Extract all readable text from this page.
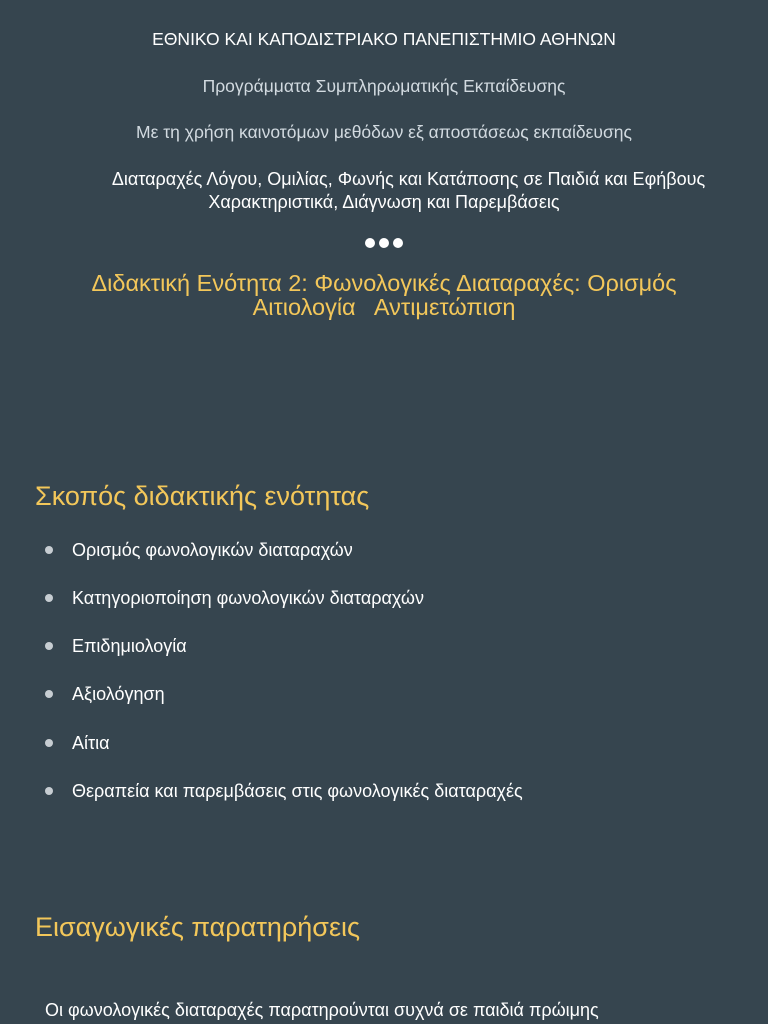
ΕΘΝΙΚΟ ΚΑΙ ΚΑΠΟΔΙΣΤΡΙΑΚΟ ΠΑΝΕΠΙΣΤΗΜΙΟ ΑΘΗΝΩΝ
Προγράμματα Συμπληρωματικής Εκπαίδευσης
Με τη χρήση καινοτόμων μεθόδων εξ αποστάσεως εκπαίδευσης
Διαταραχές Λόγου, Ομιλίας, Φωνής και Κατάποσης σε Παιδιά και Εφήβους
Χαρακτηριστικά, Διάγνωση και Παρεμβάσεις
Διδακτική Ενότητα 2: Φωνολογικές Διαταραχές: Ορισμός
Αιτιολογία   Αντιμετώπιση
Σκοπός διδακτικής ενότητας
Ορισμός φωνολογικών διαταραχών
Κατηγοριοποίηση φωνολογικών διαταραχών
Επιδημιολογία
Αξιολόγηση
Αίτια
Θεραπεία και παρεμβάσεις στις φωνολογικές διαταραχές
Εισαγωγικές παρατηρήσεις
Οι φωνολογικές διαταραχές παρατηρούνται συχνά σε παιδιά πρώιμης
